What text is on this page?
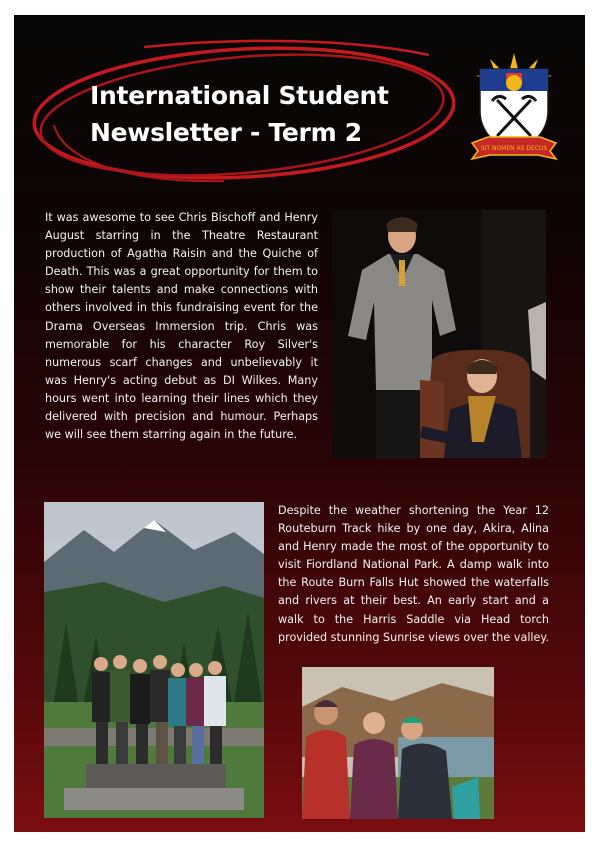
International Student
Newsletter - Term 2
SIT NOMEN AS DECUS

It was awesome to see Chris Bischoff and Henry August starring in the Theatre Restaurant production of Agatha Raisin and the Quiche of Death. This was a great opportunity for them to show their talents and make connections with others involved in this fundraising event for the Drama Overseas Immersion trip. Chris was memorable for his character Roy Silver's numerous scarf changes and unbelievably it was Henry's acting debut as DI Wilkes. Many hours went into learning their lines which they delivered with precision and humour. Perhaps we will see them starring again in the future.

Despite the weather shortening the Year 12 Routeburn Track hike by one day, Akira, Alina and Henry made the most of the opportunity to visit Fiordland National Park. A damp walk into the Route Burn Falls Hut showed the waterfalls and rivers at their best. An early start and a walk to the Harris Saddle via Head torch provided stunning Sunrise views over the valley.
